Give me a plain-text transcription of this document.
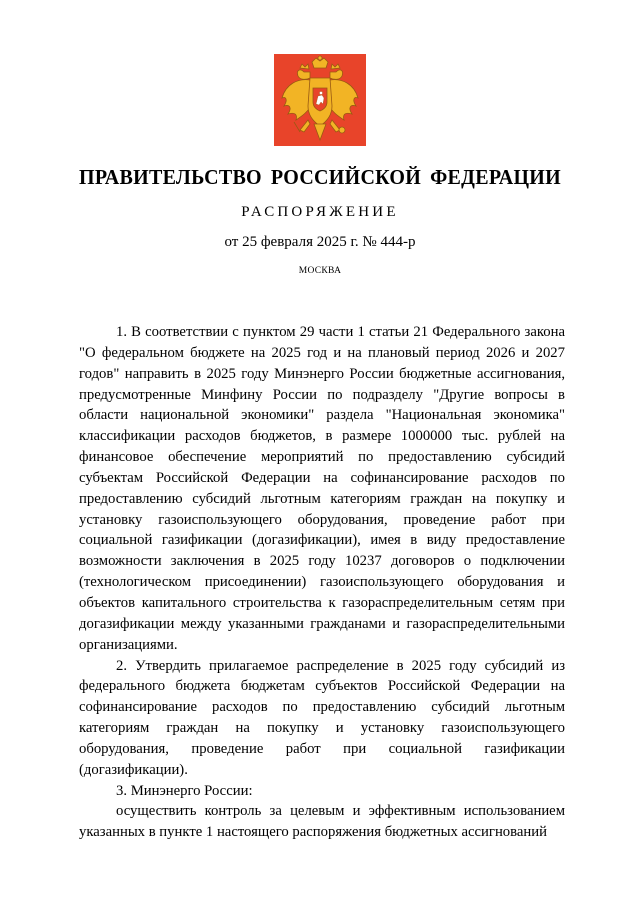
ПРАВИТЕЛЬСТВО РОССИЙСКОЙ ФЕДЕРАЦИИ
РАСПОРЯЖЕНИЕ
от 25 февраля 2025 г. № 444-р
МОСКВА

1. В соответствии с пунктом 29 части 1 статьи 21 Федерального закона "О федеральном бюджете на 2025 год и на плановый период 2026 и 2027 годов" направить в 2025 году Минэнерго России бюджетные ассигнования, предусмотренные Минфину России по подразделу "Другие вопросы в области национальной экономики" раздела "Национальная экономика" классификации расходов бюджетов, в размере 1000000 тыс. рублей на финансовое обеспечение мероприятий по предоставлению субсидий субъектам Российской Федерации на софинансирование расходов по предоставлению субсидий льготным категориям граждан на покупку и установку газоиспользующего оборудования, проведение работ при социальной газификации (догазификации), имея в виду предоставление возможности заключения в 2025 году 10237 договоров о подключении (технологическом присоединении) газоиспользующего оборудования и объектов капитального строительства к газораспределительным сетям при догазификации между указанными гражданами и газораспределительными организациями.

2. Утвердить прилагаемое распределение в 2025 году субсидий из федерального бюджета бюджетам субъектов Российской Федерации на софинансирование расходов по предоставлению субсидий льготным категориям граждан на покупку и установку газоиспользующего оборудования, проведение работ при социальной газификации (догазификации).

3. Минэнерго России:

осуществить контроль за целевым и эффективным использованием указанных в пункте 1 настоящего распоряжения бюджетных ассигнований
